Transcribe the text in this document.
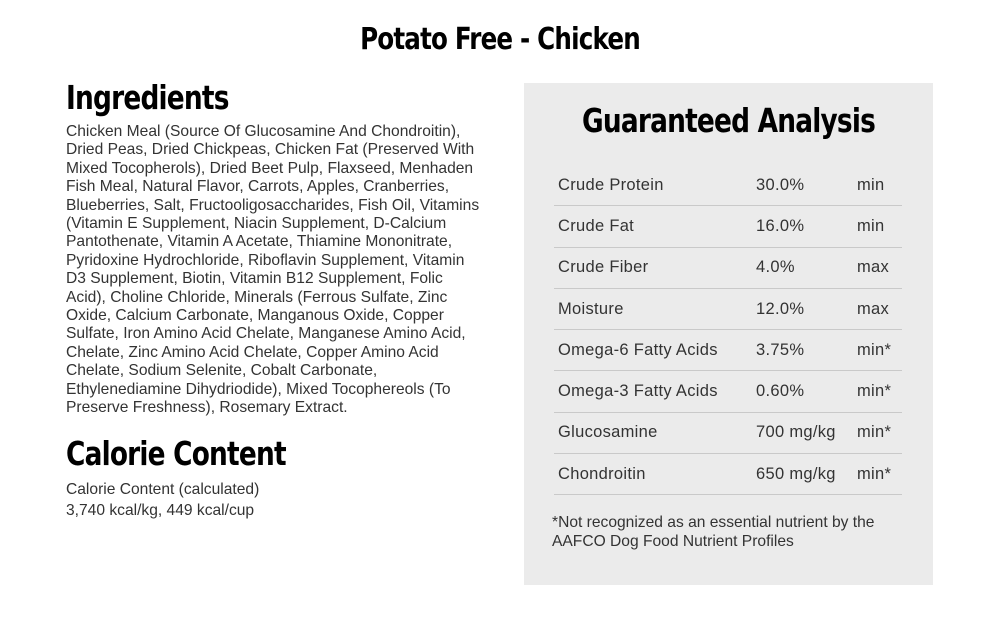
Potato Free - Chicken
Ingredients
Chicken Meal (Source Of Glucosamine And Chondroitin), Dried Peas, Dried Chickpeas, Chicken Fat (Preserved With Mixed Tocopherols), Dried Beet Pulp, Flaxseed, Menhaden Fish Meal, Natural Flavor, Carrots, Apples, Cranberries, Blueberries, Salt, Fructooligosaccharides, Fish Oil, Vitamins (Vitamin E Supplement, Niacin Supplement, D-Calcium Pantothenate, Vitamin A Acetate, Thiamine Mononitrate, Pyridoxine Hydrochloride, Riboflavin Supplement, Vitamin D3 Supplement, Biotin, Vitamin B12 Supplement, Folic Acid), Choline Chloride, Minerals (Ferrous Sulfate, Zinc Oxide, Calcium Carbonate, Manganous Oxide, Copper Sulfate, Iron Amino Acid Chelate, Manganese Amino Acid, Chelate, Zinc Amino Acid Chelate, Copper Amino Acid Chelate, Sodium Selenite, Cobalt Carbonate, Ethylenediamine Dihydriodide), Mixed Tocophereols (To Preserve Freshness), Rosemary Extract.
Calorie Content
Calorie Content (calculated)
3,740 kcal/kg, 449 kcal/cup
Guaranteed Analysis
Crude Protein	30.0%	min
Crude Fat	16.0%	min
Crude Fiber	4.0%	max
Moisture	12.0%	max
Omega-6 Fatty Acids	3.75%	min*
Omega-3 Fatty Acids	0.60%	min*
Glucosamine	700 mg/kg	min*
Chondroitin	650 mg/kg	min*
*Not recognized as an essential nutrient by the AAFCO Dog Food Nutrient Profiles
